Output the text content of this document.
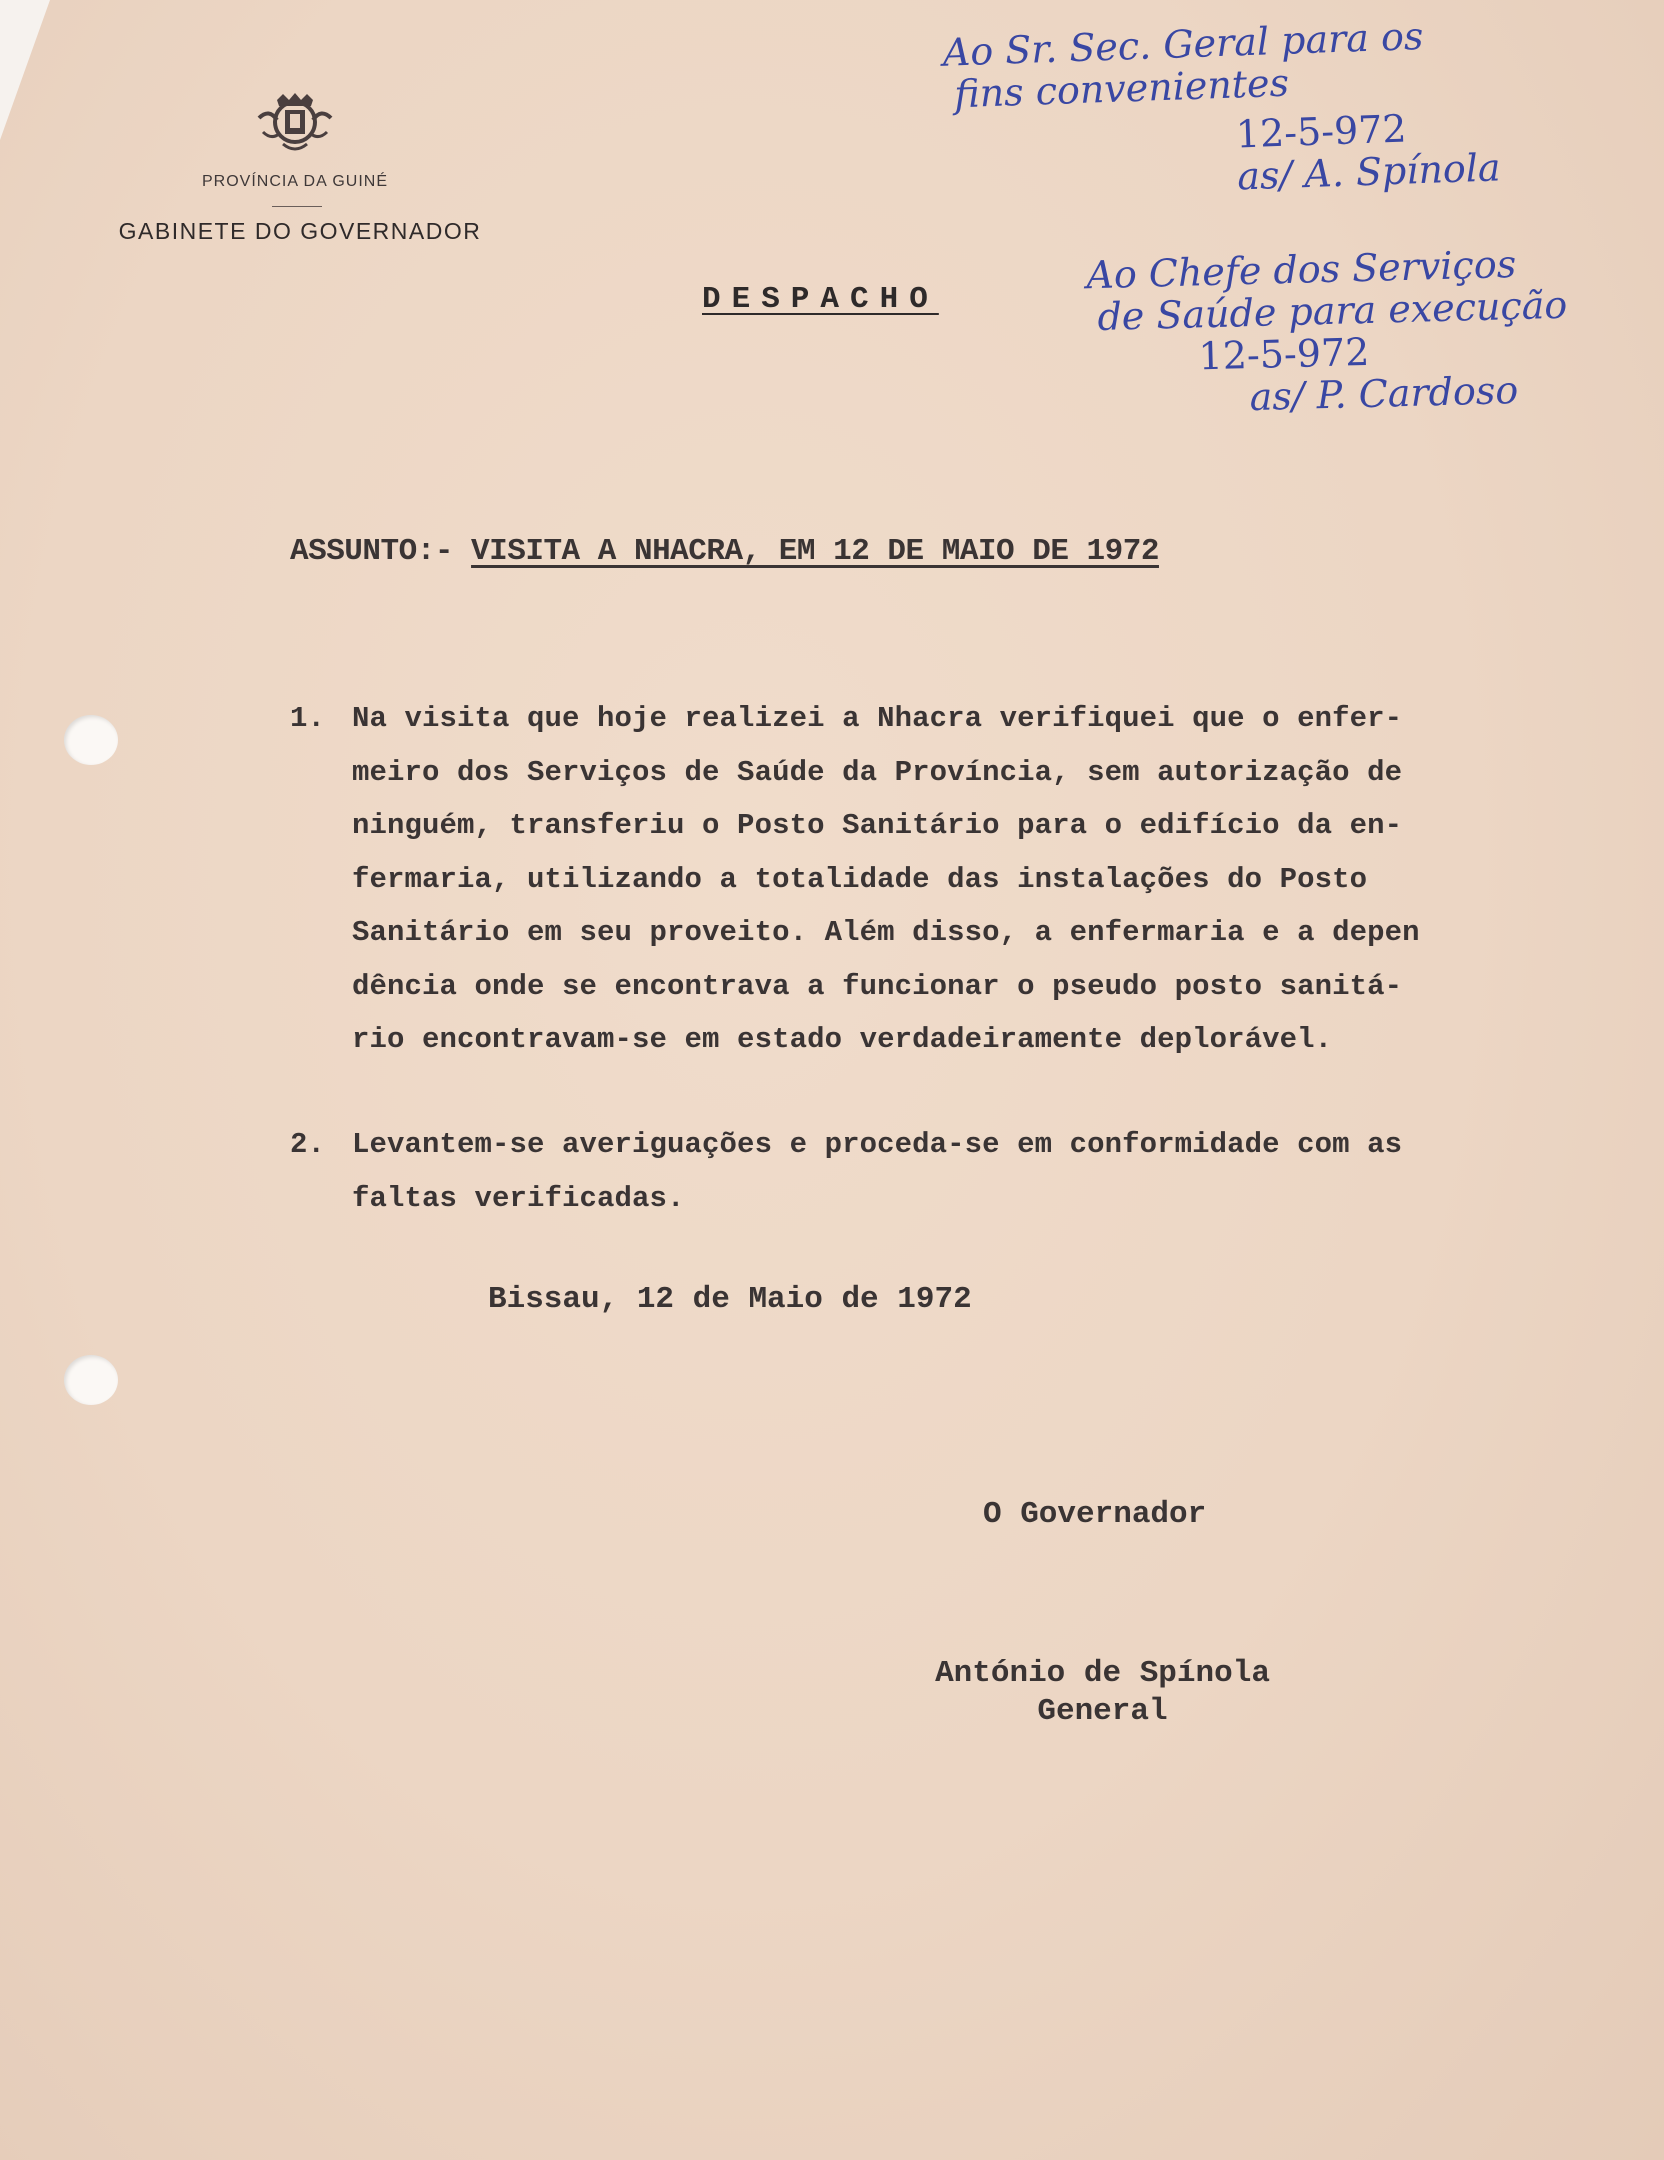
PROVÍNCIA DA GUINÉ
GABINETE DO GOVERNADOR
DESPACHO
Ao Sr. Sec. Geral para os
fins convenientes
12-5-972
as/ A. Spínola
Ao Chefe dos Serviços
de Saúde para execução
12-5-972
as/ P. Cardoso
ASSUNTO:- VISITA A NHACRA, EM 12 DE MAIO DE 1972
1. Na visita que hoje realizei a Nhacra verifiquei que o enfer-
meiro dos Serviços de Saúde da Província, sem autorização de
ninguém, transferiu o Posto Sanitário para o edifício da en-
fermaria, utilizando a totalidade das instalações do Posto
Sanitário em seu proveito. Além disso, a enfermaria e a depen
dência onde se encontrava a funcionar o pseudo posto sanitá-
rio encontravam-se em estado verdadeiramente deplorável.
2. Levantem-se averiguações e proceda-se em conformidade com as
faltas verificadas.
Bissau, 12 de Maio de 1972
O Governador
António de Spínola
General
